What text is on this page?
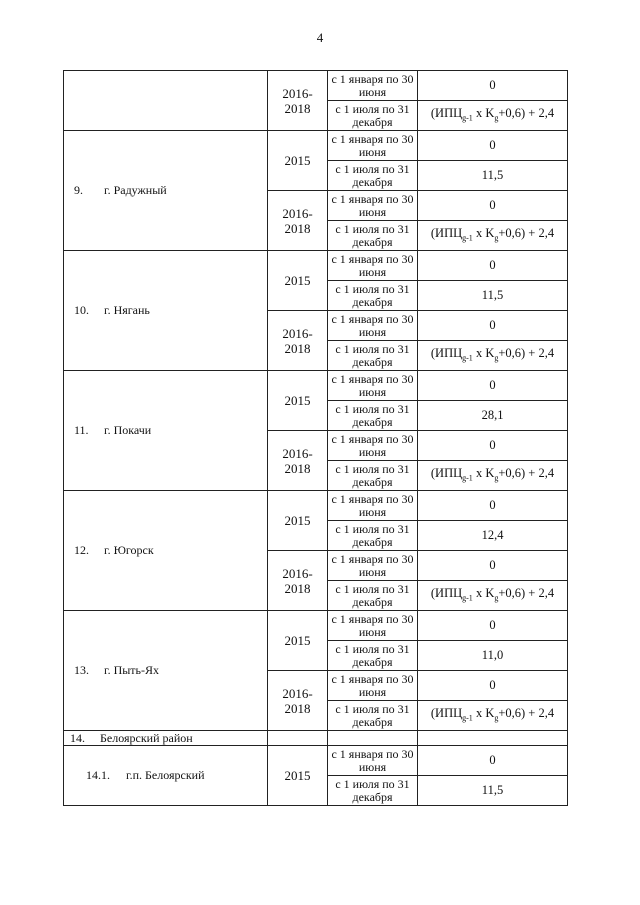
4
	2016-2018	с 1 января по 30 июня	0
		с 1 июля по 31 декабря	($ИПЦ_{g-1}$ x $K_g+0,6) + 2,4$
9. г. Радужный	2015	с 1 января по 30 июня	0
		с 1 июля по 31 декабря	11,5
	2016-2018	с 1 января по 30 июня	0
		с 1 июля по 31 декабря	($ИПЦ_{g-1}$ x $K_g+0,6) + 2,4$
10. г. Нягань	2015	с 1 января по 30 июня	0
		с 1 июля по 31 декабря	11,5
	2016-2018	с 1 января по 30 июня	0
		с 1 июля по 31 декабря	($ИПЦ_{g-1}$ x $K_g+0,6) + 2,4$
11. г. Покачи	2015	с 1 января по 30 июня	0
		с 1 июля по 31 декабря	28,1
	2016-2018	с 1 января по 30 июня	0
		с 1 июля по 31 декабря	($ИПЦ_{g-1}$ x $K_g+0,6) + 2,4$
12. г. Югорск	2015	с 1 января по 30 июня	0
		с 1 июля по 31 декабря	12,4
	2016-2018	с 1 января по 30 июня	0
		с 1 июля по 31 декабря	($ИПЦ_{g-1}$ x $K_g+0,6) + 2,4$
13. г. Пыть-Ях	2015	с 1 января по 30 июня	0
		с 1 июля по 31 декабря	11,0
	2016-2018	с 1 января по 30 июня	0
		с 1 июля по 31 декабря	($ИПЦ_{g-1}$ x $K_g+0,6) + 2,4$
14. Белоярский район			
14.1. г.п. Белоярский	2015	с 1 января по 30 июня	0
		с 1 июля по 31 декабря	11,5
